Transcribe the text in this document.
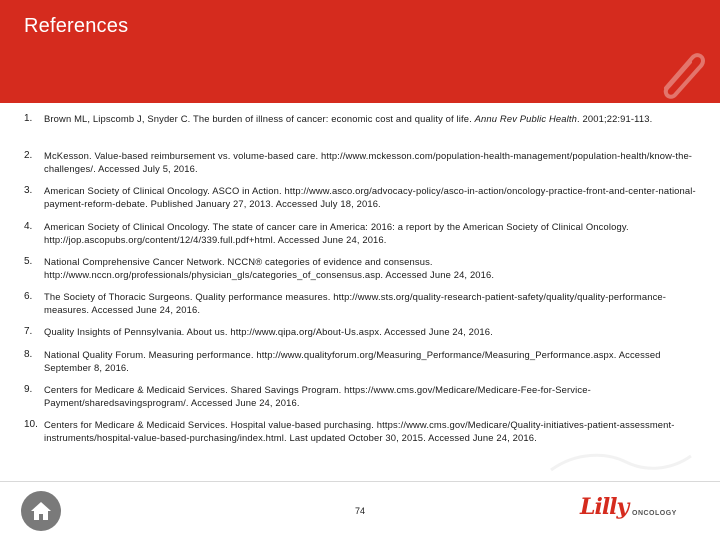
References
1.	Brown ML, Lipscomb J, Snyder C. The burden of illness of cancer: economic cost and quality of life. Annu Rev Public Health. 2001;22:91-113.
2.	McKesson. Value-based reimbursement vs. volume-based care. http://www.mckesson.com/population-health-management/population-health/know-the-challenges/. Accessed July 5, 2016.
3.	American Society of Clinical Oncology. ASCO in Action. http://www.asco.org/advocacy-policy/asco-in-action/oncology-practice-front-and-center-national-payment-reform-debate. Published January 27, 2013. Accessed July 18, 2016.
4.	American Society of Clinical Oncology. The state of cancer care in America: 2016: a report by the American Society of Clinical Oncology. http://jop.ascopubs.org/content/12/4/339.full.pdf+html. Accessed June 24, 2016.
5.	National Comprehensive Cancer Network. NCCN® categories of evidence and consensus. http://www.nccn.org/professionals/physician_gls/categories_of_consensus.asp. Accessed June 24, 2016.
6.	The Society of Thoracic Surgeons. Quality performance measures. http://www.sts.org/quality-research-patient-safety/quality/quality-performance-measures. Accessed June 24, 2016.
7.	Quality Insights of Pennsylvania. About us. http://www.qipa.org/About-Us.aspx. Accessed June 24, 2016.
8.	National Quality Forum. Measuring performance. http://www.qualityforum.org/Measuring_Performance/Measuring_Performance.aspx. Accessed September 8, 2016.
9.	Centers for Medicare & Medicaid Services. Shared Savings Program. https://www.cms.gov/Medicare/Medicare-Fee-for-Service-Payment/sharedsavingsprogram/. Accessed June 24, 2016.
10. Centers for Medicare & Medicaid Services. Hospital value-based purchasing. https://www.cms.gov/Medicare/Quality-initiatives-patient-assessment-instruments/hospital-value-based-purchasing/index.html. Last updated October 30, 2015. Accessed June 24, 2016.
74	Lilly ONCOLOGY
